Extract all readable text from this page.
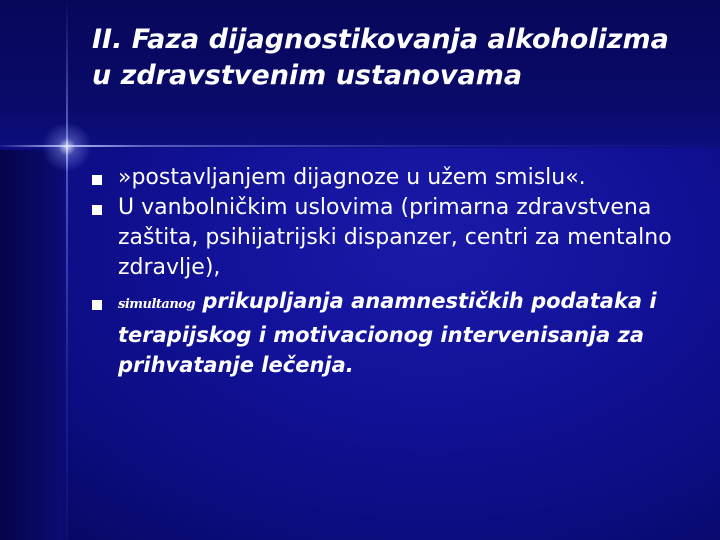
II. Faza dijagnostikovanja alkoholizma u zdravstvenim ustanovama
»postavljanjem dijagnoze u užem smislu«.
U vanbolničkim uslovima (primarna zdravstvena zaštita, psihijatrijski dispanzer, centri za mentalno zdravlje),
simultanog prikupljanja anamnestičkih podataka i terapijskog i motivacionog intervenisanja za prihvatanje lečenja.
